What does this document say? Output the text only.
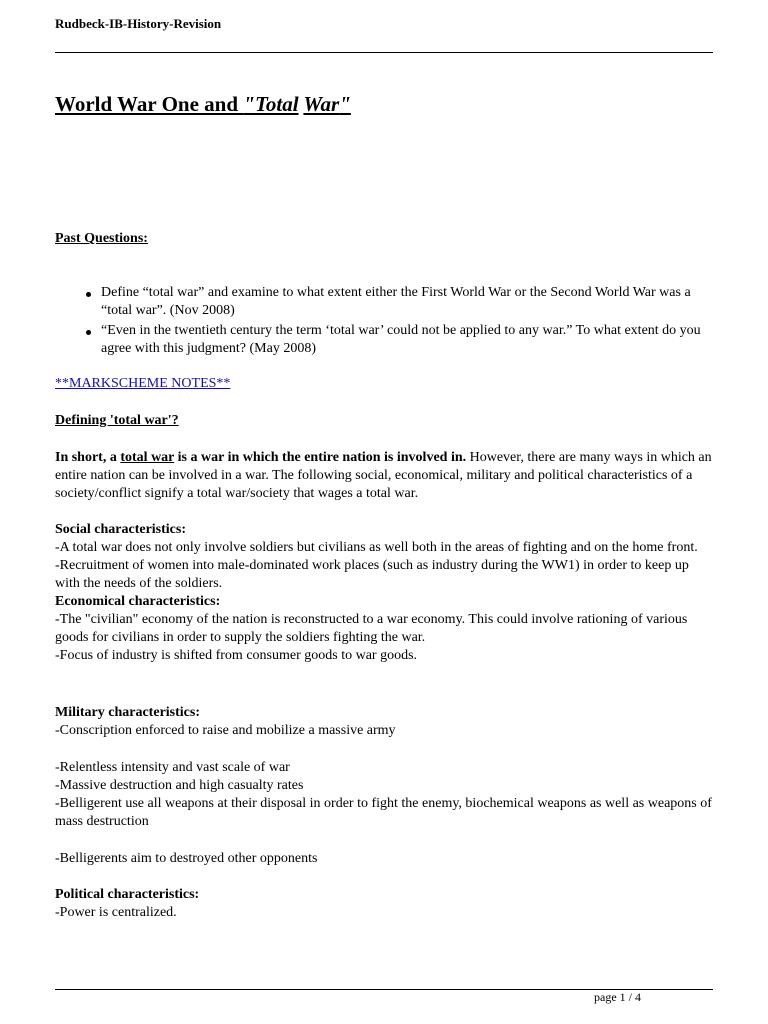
Rudbeck-IB-History-Revision
World War One and "Total War"

Past Questions:

Define “total war” and examine to what extent either the First World War or the Second World War was a “total war”. (Nov 2008)
“Even in the twentieth century the term ‘total war’ could not be applied to any war.” To what extent do you agree with this judgment? (May 2008)

**MARKSCHEME NOTES**

Defining 'total war'?

In short, a total war is a war in which the entire nation is involved in. However, there are many ways in which an entire nation can be involved in a war. The following social, economical, military and political characteristics of a society/conflict signify a total war/society that wages a total war.

Social characteristics:
-A total war does not only involve soldiers but civilians as well both in the areas of fighting and on the home front.
-Recruitment of women into male-dominated work places (such as industry during the WW1) in order to keep up with the needs of the soldiers.
Economical characteristics:
-The "civilian" economy of the nation is reconstructed to a war economy. This could involve rationing of various goods for civilians in order to supply the soldiers fighting the war.
-Focus of industry is shifted from consumer goods to war goods.
Military characteristics:
-Conscription enforced to raise and mobilize a massive army
-Relentless intensity and vast scale of war
-Massive destruction and high casualty rates
-Belligerent use all weapons at their disposal in order to fight the enemy, biochemical weapons as well as weapons of mass destruction
-Belligerents aim to destroyed other opponents
Political characteristics:
-Power is centralized.
page 1 / 4
